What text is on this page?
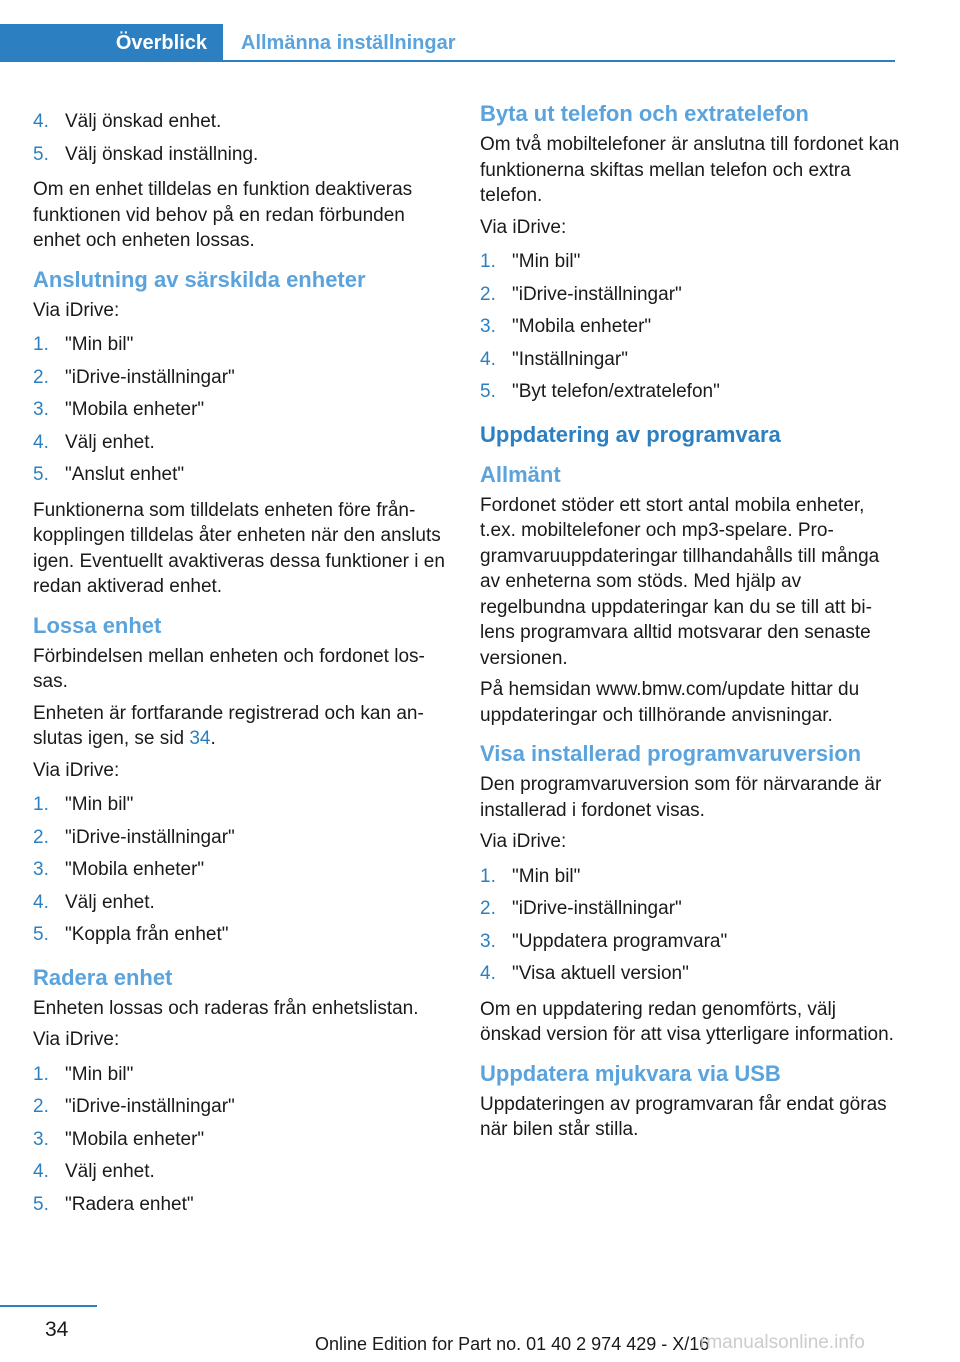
Överblick	Allmänna inställningar
4. Välj önskad enhet.
5. Välj önskad inställning.

Om en enhet tilldelas en funktion deaktiveras funktionen vid behov på en redan förbunden enhet och enheten lossas.

Anslutning av särskilda enheter

Via iDrive:

1. "Min bil"
2. "iDrive-inställningar"
3. "Mobila enheter"
4. Välj enhet.
5. "Anslut enhet"

Funktionerna som tilldelats enheten före frånkopplingen tilldelas åter enheten när den ansluts igen. Eventuellt avaktiveras dessa funktioner i en redan aktiverad enhet.

Lossa enhet

Förbindelsen mellan enheten och fordonet lossas.

Enheten är fortfarande registrerad och kan anslutas igen, se sid 34.

Via iDrive:

1. "Min bil"
2. "iDrive-inställningar"
3. "Mobila enheter"
4. Välj enhet.
5. "Koppla från enhet"
Radera enhet

Enheten lossas och raderas från enhetslistan.

Via iDrive:

1. "Min bil"
2. "iDrive-inställningar"
3. "Mobila enheter"
4. Välj enhet.
5. "Radera enhet"
Byta ut telefon och extratelefon

Om två mobiltelefoner är anslutna till fordonet kan funktionerna skiftas mellan telefon och extra telefon.

Via iDrive:

1. "Min bil"
2. "iDrive-inställningar"
3. "Mobila enheter"
4. "Inställningar"
5. "Byt telefon/extratelefon"
Uppdatering av programvara
Allmänt

Fordonet stöder ett stort antal mobila enheter, t.ex. mobiltelefoner och mp3-spelare. Programvaruuppdateringar tillhandahålls till många av enheterna som stöds. Med hjälp av regelbundna uppdateringar kan du se till att bilens programvara alltid motsvarar den senaste versionen.

På hemsidan www.bmw.com/update hittar du uppdateringar och tillhörande anvisningar.

Visa installerad programvaruversion

Den programvaruversion som för närvarande är installerad i fordonet visas.

Via iDrive:

1. "Min bil"
2. "iDrive-inställningar"
3. "Uppdatera programvara"
4. "Visa aktuell version"

Om en uppdatering redan genomförts, välj önskad version för att visa ytterligare information.

Uppdatera mjukvara via USB

Uppdateringen av programvaran får endat göras när bilen står stilla.

34
Online Edition for Part no. 01 40 2 974 429 - X/16
rmanualsonline.info
